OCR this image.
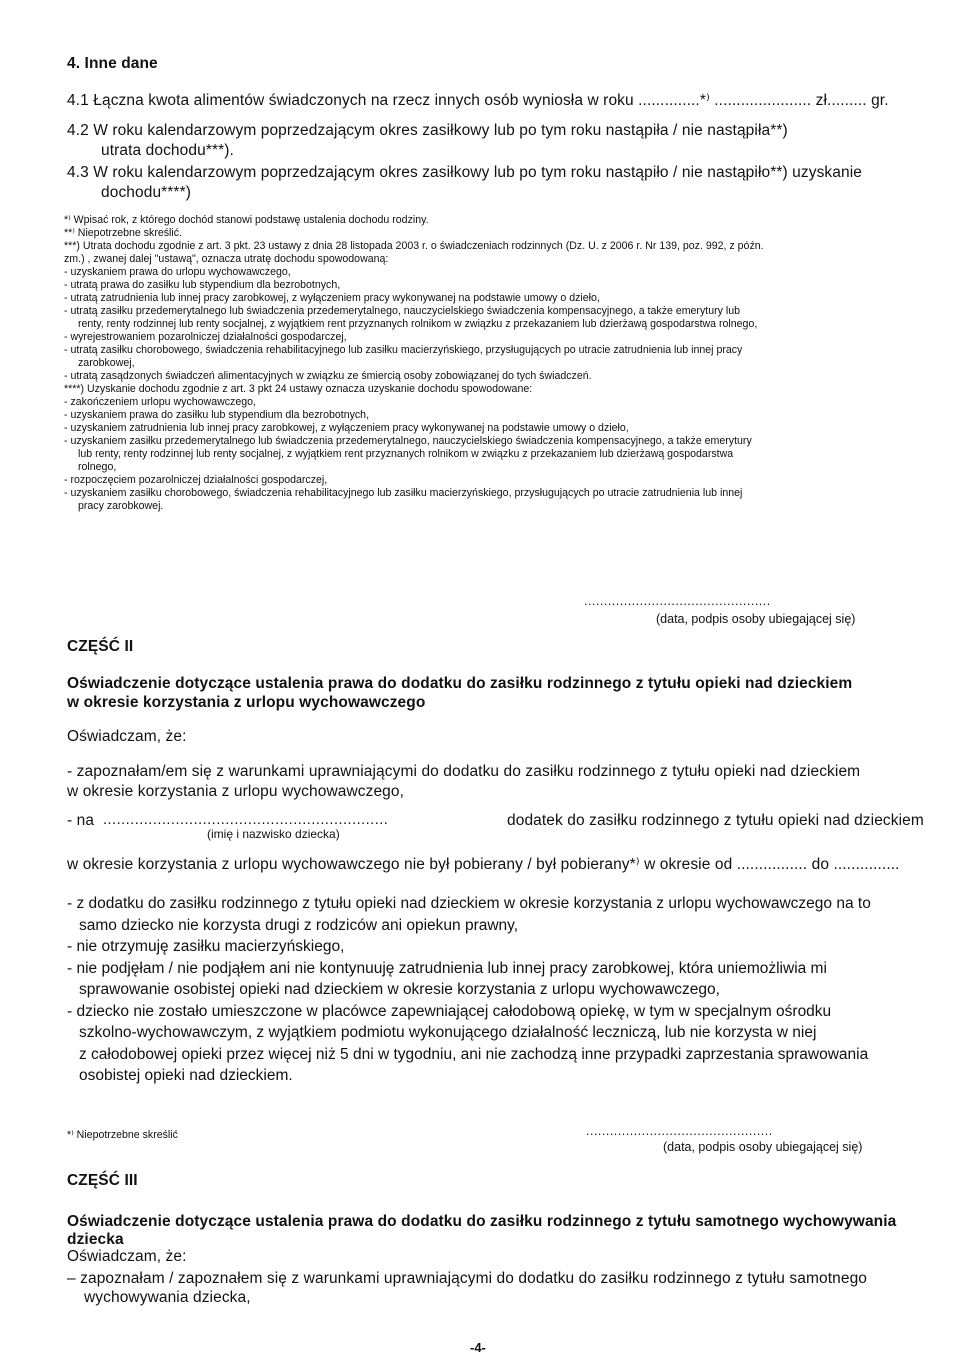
4. Inne dane
4.1 Łączna kwota alimentów świadczonych na rzecz innych osób wyniosła w roku ..............*⁾ ...................... zł......... gr.
4.2 W roku kalendarzowym poprzedzającym okres zasiłkowy lub po tym roku nastąpiła / nie nastąpiła**)
utrata dochodu***).
4.3 W roku kalendarzowym poprzedzającym okres zasiłkowy lub po tym roku nastąpiło / nie nastąpiło**) uzyskanie
dochodu****)

*⁾ Wpisać rok, z którego dochód stanowi podstawę ustalenia dochodu rodziny.

**⁾ Niepotrzebne skreślić.

***) Utrata dochodu zgodnie z art. 3 pkt. 23 ustawy z dnia 28 listopada 2003 r. o świadczeniach rodzinnych (Dz. U. z 2006 r. Nr 139, poz. 992, z późn.

zm.) , zwanej dalej "ustawą", oznacza utratę dochodu spowodowaną:

- uzyskaniem prawa do urlopu wychowawczego,

- utratą prawa do zasiłku lub stypendium dla bezrobotnych,

- utratą zatrudnienia lub innej pracy zarobkowej, z wyłączeniem pracy wykonywanej na podstawie umowy o dzieło,

- utratą zasiłku przedemerytalnego lub świadczenia przedemerytalnego, nauczycielskiego świadczenia kompensacyjnego, a także emerytury lub

renty, renty rodzinnej lub renty socjalnej, z wyjątkiem rent przyznanych rolnikom w związku z przekazaniem lub dzierżawą gospodarstwa rolnego,

- wyrejestrowaniem pozarolniczej działalności gospodarczej,

- utratą zasiłku chorobowego, świadczenia rehabilitacyjnego lub zasiłku macierzyńskiego, przysługujących po utracie zatrudnienia lub innej pracy

zarobkowej,

- utratą zasądzonych świadczeń alimentacyjnych w związku ze śmiercią osoby zobowiązanej do tych świadczeń.

****) Uzyskanie dochodu zgodnie z art. 3 pkt 24 ustawy oznacza uzyskanie dochodu spowodowane:

- zakończeniem urlopu wychowawczego,

- uzyskaniem prawa do zasiłku lub stypendium dla bezrobotnych,

- uzyskaniem zatrudnienia lub innej pracy zarobkowej, z wyłączeniem pracy wykonywanej na podstawie umowy o dzieło,

- uzyskaniem zasiłku przedemerytalnego lub świadczenia przedemerytalnego, nauczycielskiego świadczenia kompensacyjnego, a także emerytury

lub renty, renty rodzinnej lub renty socjalnej, z wyjątkiem rent przyznanych rolnikom w związku z przekazaniem lub dzierżawą gospodarstwa

rolnego,

- rozpoczęciem pozarolniczej działalności gospodarczej,

- uzyskaniem zasiłku chorobowego, świadczenia rehabilitacyjnego lub zasiłku macierzyńskiego, przysługujących po utracie zatrudnienia lub innej

pracy zarobkowej.

...............................................
(data, podpis osoby ubiegającej się)
CZĘŚĆ II
Oświadczenie dotyczące ustalenia prawa do dodatku do zasiłku rodzinnego z tytułu opieki nad dzieckiem
w okresie korzystania z urlopu wychowawczego
Oświadczam, że:
- zapoznałam/em się z warunkami uprawniającymi do dodatku do zasiłku rodzinnego z tytułu opieki nad dzieckiem
w okresie korzystania z urlopu wychowawczego,
- na ...............................................................	dodatek do zasiłku rodzinnego z tytułu opieki nad dzieckiem
(imię i nazwisko dziecka)
w okresie korzystania z urlopu wychowawczego nie był pobierany / był pobierany*⁾ w okresie od ................ do ...............

- z dodatku do zasiłku rodzinnego z tytułu opieki nad dzieckiem w okresie korzystania z urlopu wychowawczego na to

samo dziecko nie korzysta drugi z rodziców ani opiekun prawny,

- nie otrzymuję zasiłku macierzyńskiego,

- nie podjęłam / nie podjąłem ani nie kontynuuję zatrudnienia lub innej pracy zarobkowej, która uniemożliwia mi

sprawowanie osobistej opieki nad dzieckiem w okresie korzystania z urlopu wychowawczego,

- dziecko nie zostało umieszczone w placówce zapewniającej całodobową opiekę, w tym w specjalnym ośrodku

szkolno-wychowawczym, z wyjątkiem podmiotu wykonującego działalność leczniczą, lub nie korzysta w niej

z całodobowej opieki przez więcej niż 5 dni w tygodniu, ani nie zachodzą inne przypadki zaprzestania sprawowania

osobistej opieki nad dzieckiem.

*⁾ Niepotrzebne skreślić	...............................................
(data, podpis osoby ubiegającej się)
CZĘŚĆ III
Oświadczenie dotyczące ustalenia prawa do dodatku do zasiłku rodzinnego z tytułu samotnego wychowywania
dziecka
Oświadczam, że:
– zapoznałam / zapoznałem się z warunkami uprawniającymi do dodatku do zasiłku rodzinnego z tytułu samotnego
wychowywania dziecka,
-4-
